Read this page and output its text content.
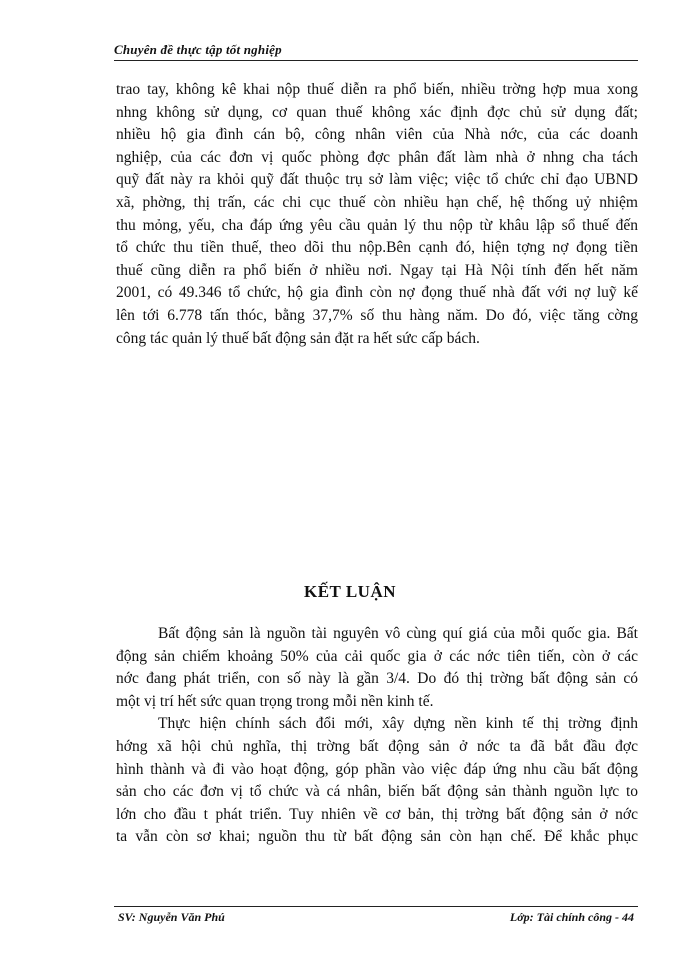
Chuyên đề thực tập tốt nghiệp
trao tay, không kê khai nộp thuế diễn ra phổ biến, nhiều trờng hợp mua xong
nhng không sử dụng, cơ quan thuế không xác định đợc chủ sử dụng đất;
nhiều hộ gia đình cán bộ, công nhân viên của Nhà nớc, của các doanh
nghiệp, của các đơn vị quốc phòng đợc phân đất làm nhà ở nhng cha tách
quỹ đất này ra khỏi quỹ đất thuộc trụ sở làm việc; việc tổ chức chỉ đạo UBND
xã, phờng, thị trấn, các chi cục thuế còn nhiều hạn chế, hệ thống uỷ nhiệm
thu mỏng, yếu, cha đáp ứng yêu cầu quản lý thu nộp từ khâu lập sổ thuế đến
tổ chức thu tiền thuế, theo dõi thu nộp.Bên cạnh đó, hiện tợng nợ đọng tiền
thuế cũng diễn ra phổ biến ở nhiều nơi. Ngay tại Hà Nội tính đến hết năm
2001, có 49.346 tổ chức, hộ gia đình còn nợ đọng thuế nhà đất với nợ luỹ kế
lên tới 6.778 tấn thóc, bằng 37,7% số thu hàng năm. Do đó, việc tăng cờng
công tác quản lý thuế bất động sản đặt ra hết sức cấp bách.
KẾT LUẬN
Bất động sản là nguồn tài nguyên vô cùng quí giá của mỗi quốc gia. Bất
động sản chiếm khoảng 50% của cải quốc gia ở các nớc tiên tiến, còn ở các
nớc đang phát triển, con số này là gần 3/4. Do đó thị trờng bất động sản có
một vị trí hết sức quan trọng trong mỗi nền kinh tế.
Thực hiện chính sách đổi mới, xây dựng nền kinh tế thị trờng định
hớng xã hội chủ nghĩa, thị trờng bất động sản ở nớc ta đã bắt đầu đợc
hình thành và đi vào hoạt động, góp phần vào việc đáp ứng nhu cầu bất động
sản cho các đơn vị tổ chức và cá nhân, biến bất động sản thành nguồn lực to
lớn cho đầu t phát triển. Tuy nhiên về cơ bản, thị trờng bất động sản ở nớc
ta vẫn còn sơ khai; nguồn thu từ bất động sản còn hạn chế. Để khắc phục
SV: Nguyễn Văn Phú	Lớp: Tài chính công - 44
